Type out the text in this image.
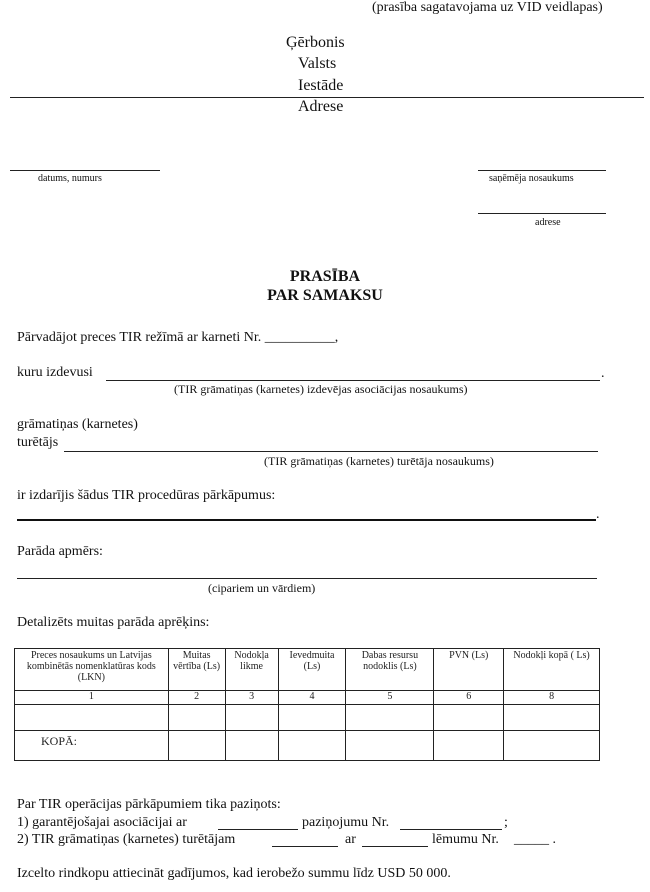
(prasība sagatavojama uz VID veidlapas)
Ģērbonis
Valsts
Iestāde
Adrese
datums, numurs	saņēmēja nosaukums
adrese
PRASĪBA
PAR SAMAKSU
Pārvadājot preces TIR režīmā ar karneti Nr. __________,
kuru izdevusi	.
(TIR grāmatiņas (karnetes) izdevējas asociācijas nosaukums)
grāmatiņas (karnetes)
turētājs
(TIR grāmatiņas (karnetes) turētāja nosaukums)
ir izdarījis šādus TIR procedūras pārkāpumus:
.
Parāda apmērs:
(cipariem un vārdiem)
Detalizēts muitas parāda aprēķins:
Preces nosaukums un Latvijas kombinētās nomenklatūras kods (LKN)	Muitas vērtība (Ls)	Nodokļa likme	Ievedmuita (Ls)	Dabas resursu nodoklis (Ls)	PVN (Ls)	Nodokļi kopā ( Ls)
1	2	3	4	5	6	8

KOPĀ:						
Par TIR operācijas pārkāpumiem tika paziņots:
1) garantējošajai asociācijai ar	paziņojumu Nr.	;
2) TIR grāmatiņas (karnetes) turētājam	ar	lēmumu Nr. _____ .
Izcelto rindkopu attiecināt gadījumos, kad ierobežo summu līdz USD 50 000.
